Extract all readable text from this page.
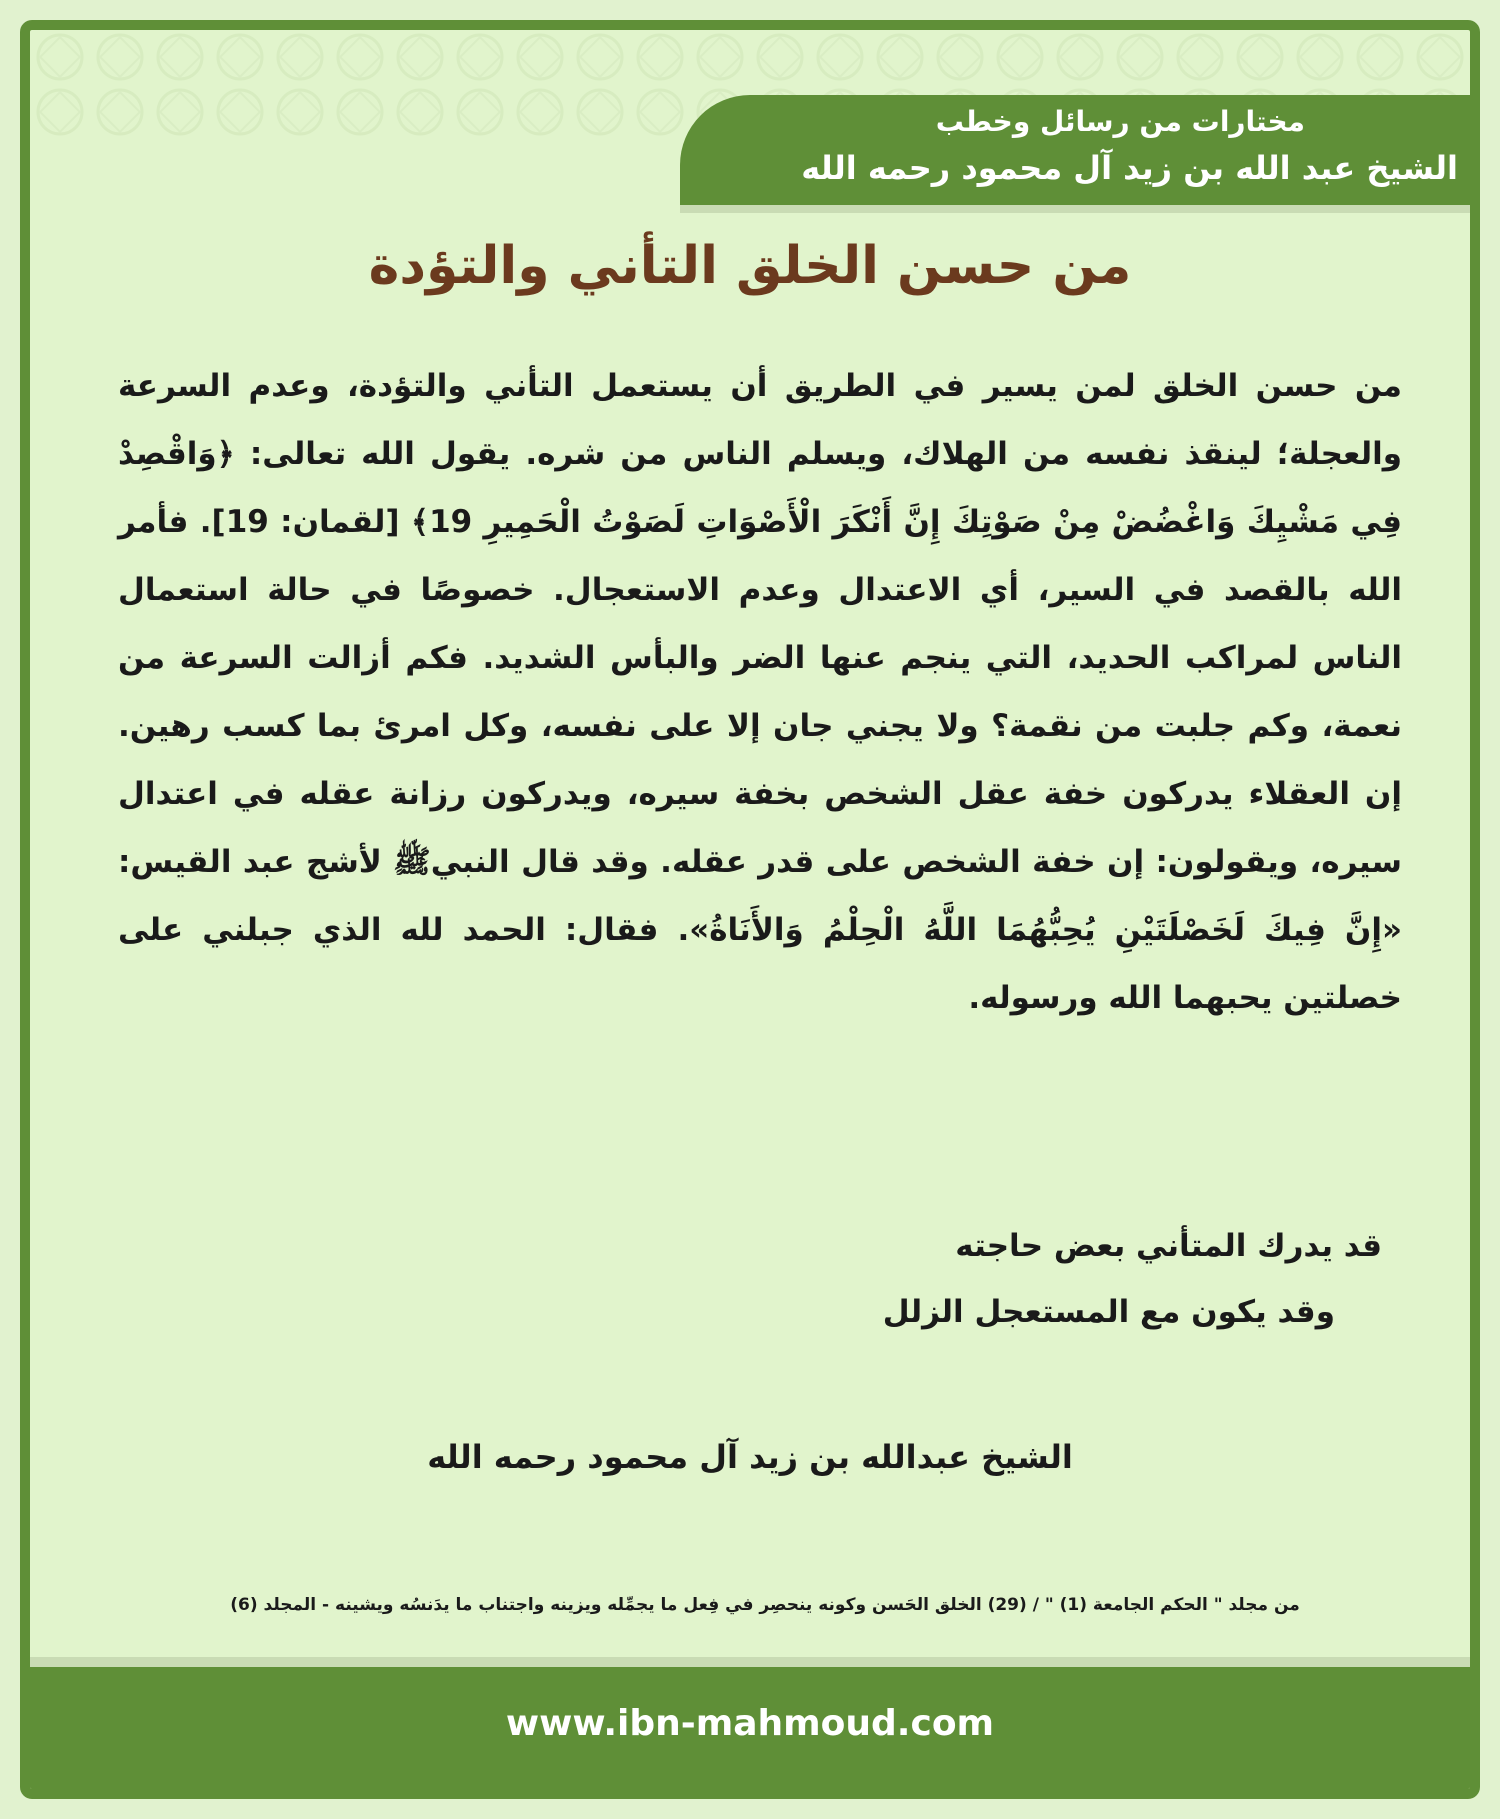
مختارات من رسائل وخطب
الشيخ عبد الله بن زيد آل محمود رحمه الله
من حسن الخلق التأني والتؤدة

من حسن الخلق لمن يسير في الطريق أن يستعمل التأني والتؤدة، وعدم السرعة والعجلة؛ لينقذ نفسه من الهلاك، ويسلم الناس من شره. يقول الله تعالى: ﴿وَاقْصِدْ فِي مَشْيِكَ وَاغْضُضْ مِنْ صَوْتِكَ إِنَّ أَنْكَرَ الْأَصْوَاتِ لَصَوْتُ الْحَمِيرِ 19﴾ [لقمان: 19]. فأمر الله بالقصد في السير، أي الاعتدال وعدم الاستعجال. خصوصًا في حالة استعمال الناس لمراكب الحديد، التي ينجم عنها الضر والبأس الشديد. فكم أزالت السرعة من نعمة، وكم جلبت من نقمة؟ ولا يجني جان إلا على نفسه، وكل امرئ بما كسب رهين. إن العقلاء يدركون خفة عقل الشخص بخفة سيره، ويدركون رزانة عقله في اعتدال سيره، ويقولون: إن خفة الشخص على قدر عقله. وقد قال النبيﷺ لأشج عبد القيس: «إِنَّ فِيكَ لَخَصْلَتَيْنِ يُحِبُّهُمَا اللَّهُ الْحِلْمُ وَالأَنَاةُ». فقال: الحمد لله الذي جبلني على خصلتين يحبهما الله ورسوله.

قد يدرك المتأني بعض حاجته
وقد يكون مع المستعجل الزلل
الشيخ عبدالله بن زيد آل محمود رحمه الله
من مجلد " الحكم الجامعة (1) " / (29) الخلق الحَسن وكونه ينحصِر في فِعل ما يجمِّله ويزينه واجتناب ما يدَنسُه ويشينه - المجلد (6)
www.ibn-mahmoud.com
